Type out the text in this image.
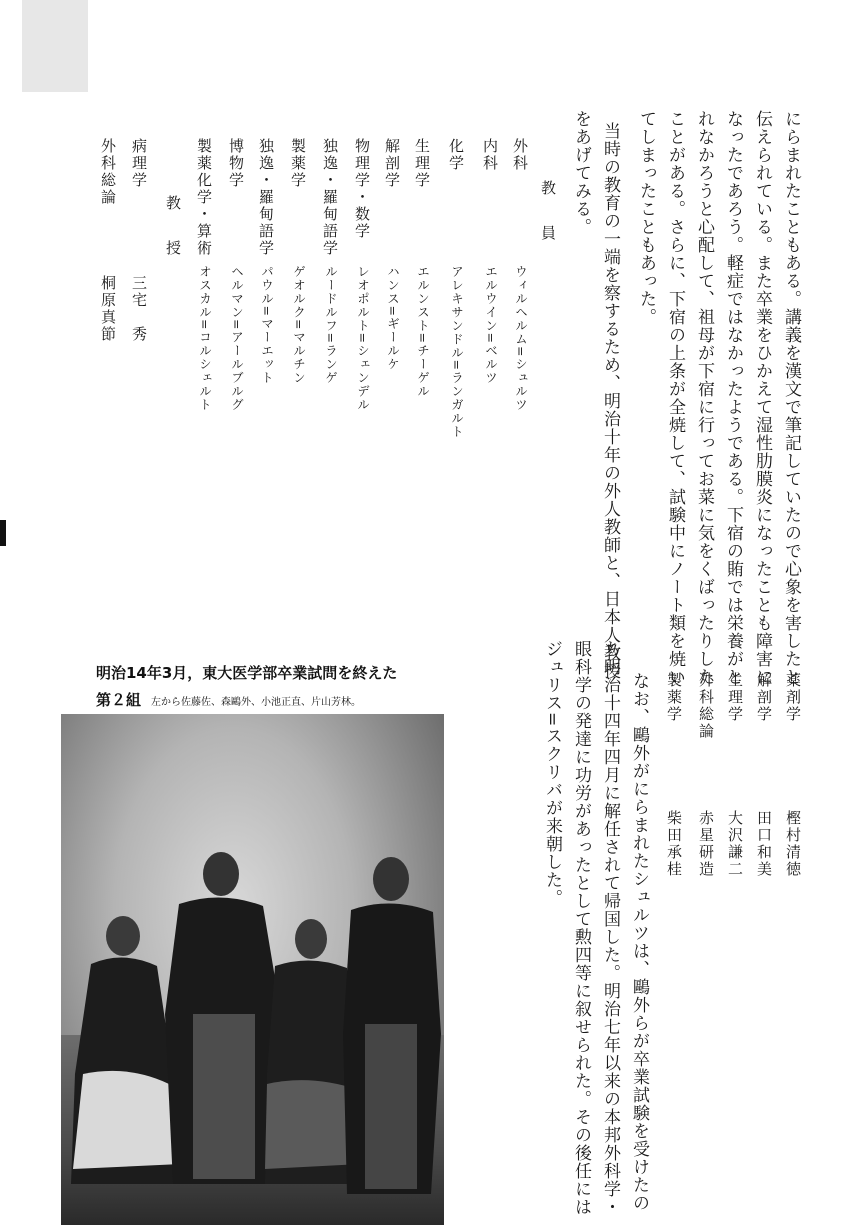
にらまれたこともある。講義を漢文で筆記していたので心象を害したと
伝えられている。また卒業をひかえて湿性肋膜炎になったことも障害に
なったであろう。軽症ではなかったようである。下宿の賄では栄養がと
れなかろうと心配して、祖母が下宿に行ってお菜に気をくばったりした
ことがある。さらに、下宿の上条が全焼して、試験中にノート類を焼い
てしまったこともあった。
当時の教育の一端を察するため、明治十年の外人教師と、日本人教授
をあげてみる。
教員
外科
ウィルヘルム=シュルツ
内科
エルウイン=ベルツ
化学
アレキサンドル=ランガルト
生理学
エルンスト=チーゲル
解剖学
ハンス=ギールケ
物理学・数学
レオポルト=シェンデル
独逸・羅甸語学
ルードルフ=ランゲ
製薬学
ゲオルク=マルチン
独逸・羅甸語学
パウル=マーエット
博物学
ヘルマン=アールブルグ
製薬化学・算術
オスカル=コルシェルト
教授
病理学
三宅　秀
外科総論
桐原真節
薬剤学
樫村清徳
解剖学
田口和美
生理学
大沢謙二
外科総論
赤星研造
製薬学
柴田承桂
なお、鷗外がにらまれたシュルツは、鷗外らが卒業試験を受けたの
ち明治十四年四月に解任されて帰国した。明治七年以来の本邦外科学・
眼科学の発達に功労があったとして勲四等に叙せられた。その後任には
ジュリス=スクリバが来朝した。
明治14年3月，東大医学部卒業試問を終えた
第２組 左から佐藤佐、森鷗外、小池正直、片山芳林。
